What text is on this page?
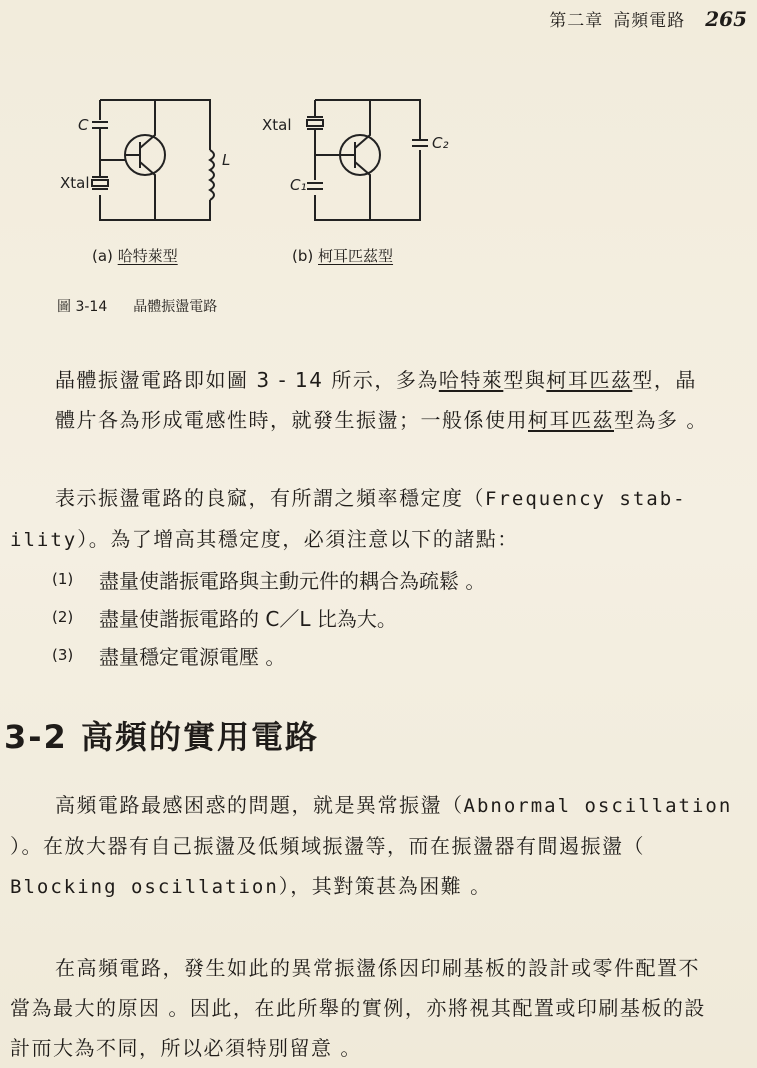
第二章 高頻電路 265
C
L
Xtal
Xtal
C₂
C₁
(a) 哈特萊型	(b) 柯耳匹茲型
圖 3-14 晶體振盪電路
晶體振盪電路即如圖 3 - 14 所示，多為哈特萊型與柯耳匹茲型，晶
體片各為形成電感性時，就發生振盪；一般係使用柯耳匹茲型為多 。
表示振盪電路的良窳，有所謂之頻率穩定度（Frequency stab-
ility）。為了增高其穩定度，必須注意以下的諸點：
(1) 盡量使諧振電路與主動元件的耦合為疏鬆 。
(2) 盡量使諧振電路的 C／L 比為大。
(3) 盡量穩定電源電壓 。
3-2 高頻的實用電路
高頻電路最感困惑的問題，就是異常振盪（Abnormal oscillation
）。在放大器有自己振盪及低頻域振盪等，而在振盪器有間遏振盪（
Blocking oscillation），其對策甚為困難 。
在高頻電路，發生如此的異常振盪係因印刷基板的設計或零件配置不
當為最大的原因 。因此，在此所舉的實例，亦將視其配置或印刷基板的設
計而大為不同，所以必須特別留意 。
